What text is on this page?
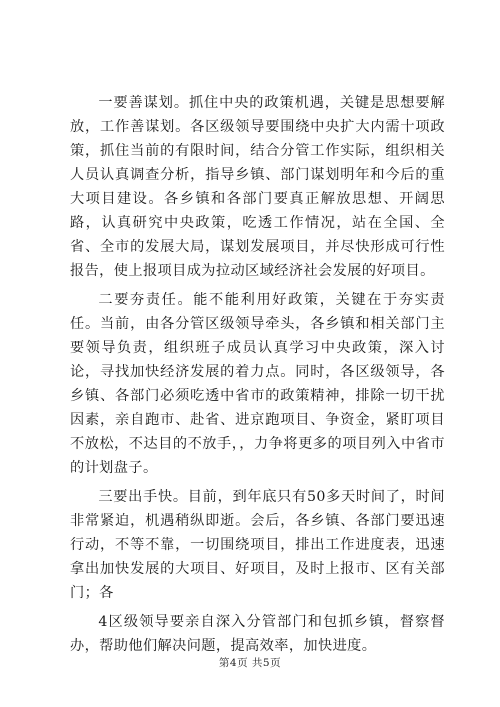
一要善谋划。抓住中央的政策机遇，关键是思想要解放，工作善谋划。各区级领导要围绕中央扩大内需十项政策，抓住当前的有限时间，结合分管工作实际，组织相关人员认真调查分析，指导乡镇、部门谋划明年和今后的重大项目建设。各乡镇和各部门要真正解放思想、开阔思路，认真研究中央政策，吃透工作情况，站在全国、全省、全市的发展大局，谋划发展项目，并尽快形成可行性报告，使上报项目成为拉动区域经济社会发展的好项目。

二要夯责任。能不能利用好政策，关键在于夯实责任。当前，由各分管区级领导牵头，各乡镇和相关部门主要领导负责，组织班子成员认真学习中央政策，深入讨论，寻找加快经济发展的着力点。同时，各区级领导，各乡镇、各部门必须吃透中省市的政策精神，排除一切干扰因素，亲自跑市、赴省、进京跑项目、争资金，紧盯项目不放松，不达目的不放手，，力争将更多的项目列入中省市的计划盘子。

三要出手快。目前，到年底只有50多天时间了，时间非常紧迫，机遇稍纵即逝。会后，各乡镇、各部门要迅速行动，不等不靠，一切围绕项目，排出工作进度表，迅速拿出加快发展的大项目、好项目，及时上报市、区有关部门；各

4区级领导要亲自深入分管部门和包抓乡镇，督察督办，帮助他们解决问题，提高效率，加快进度。

第4页 共5页
